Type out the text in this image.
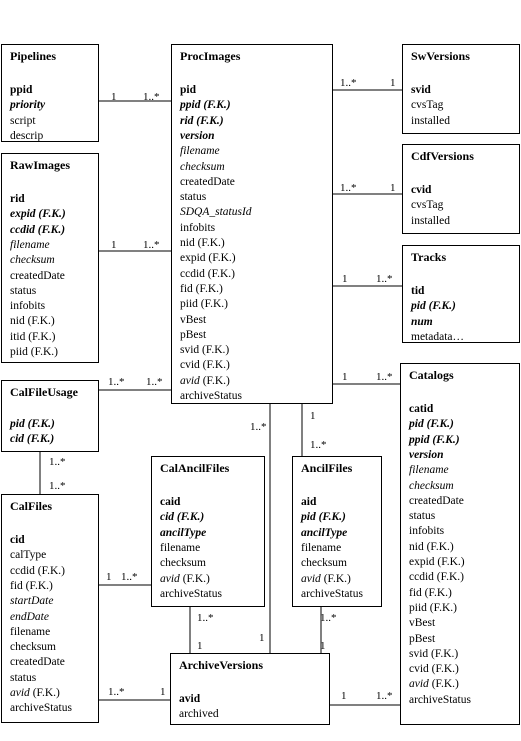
Pipelines
ppid
priority
script
descrip
RawImages
rid
expid (F.K.)
ccdid (F.K.)
filename
checksum
createdDate
status
infobits
nid (F.K.)
itid (F.K.)
piid (F.K.)
ProcImages
pid
ppid (F.K.)
rid (F.K.)
version
filename
checksum
createdDate
status
SDQA_statusId
infobits
nid (F.K.)
expid (F.K.)
ccdid (F.K.)
fid (F.K.)
piid (F.K.)
vBest
pBest
svid (F.K.)
cvid (F.K.)
avid (F.K.)
archiveStatus
SwVersions
svid
cvsTag
installed
CdfVersions
cvid
cvsTag
installed
Tracks
tid
pid (F.K.)
num
metadata…
CalFileUsage
pid (F.K.)
cid (F.K.)
CalFiles
cid
calType
ccdid (F.K.)
fid (F.K.)
startDate
endDate
filename
checksum
createdDate
status
avid (F.K.)
archiveStatus
CalAncilFiles
caid
cid (F.K.)
ancilType
filename
checksum
avid (F.K.)
archiveStatus
AncilFiles
aid
pid (F.K.)
ancilType
filename
checksum
avid (F.K.)
archiveStatus
ArchiveVersions
avid
archived
Catalogs
catid
pid (F.K.)
ppid (F.K.)
version
filename
checksum
createdDate
status
infobits
nid (F.K.)
expid (F.K.)
ccdid (F.K.)
fid (F.K.)
piid (F.K.)
vBest
pBest
svid (F.K.)
cvid (F.K.)
avid (F.K.)
archiveStatus
1 1..*
1 1..*
1..*	1
1..*	1
1	1..*
1..* 1..*	1	1..*
1..*
1..*
1
1..*
1..*
1 1..*
1..*
1
1
1..*
1
1..*	1	1	1..*
